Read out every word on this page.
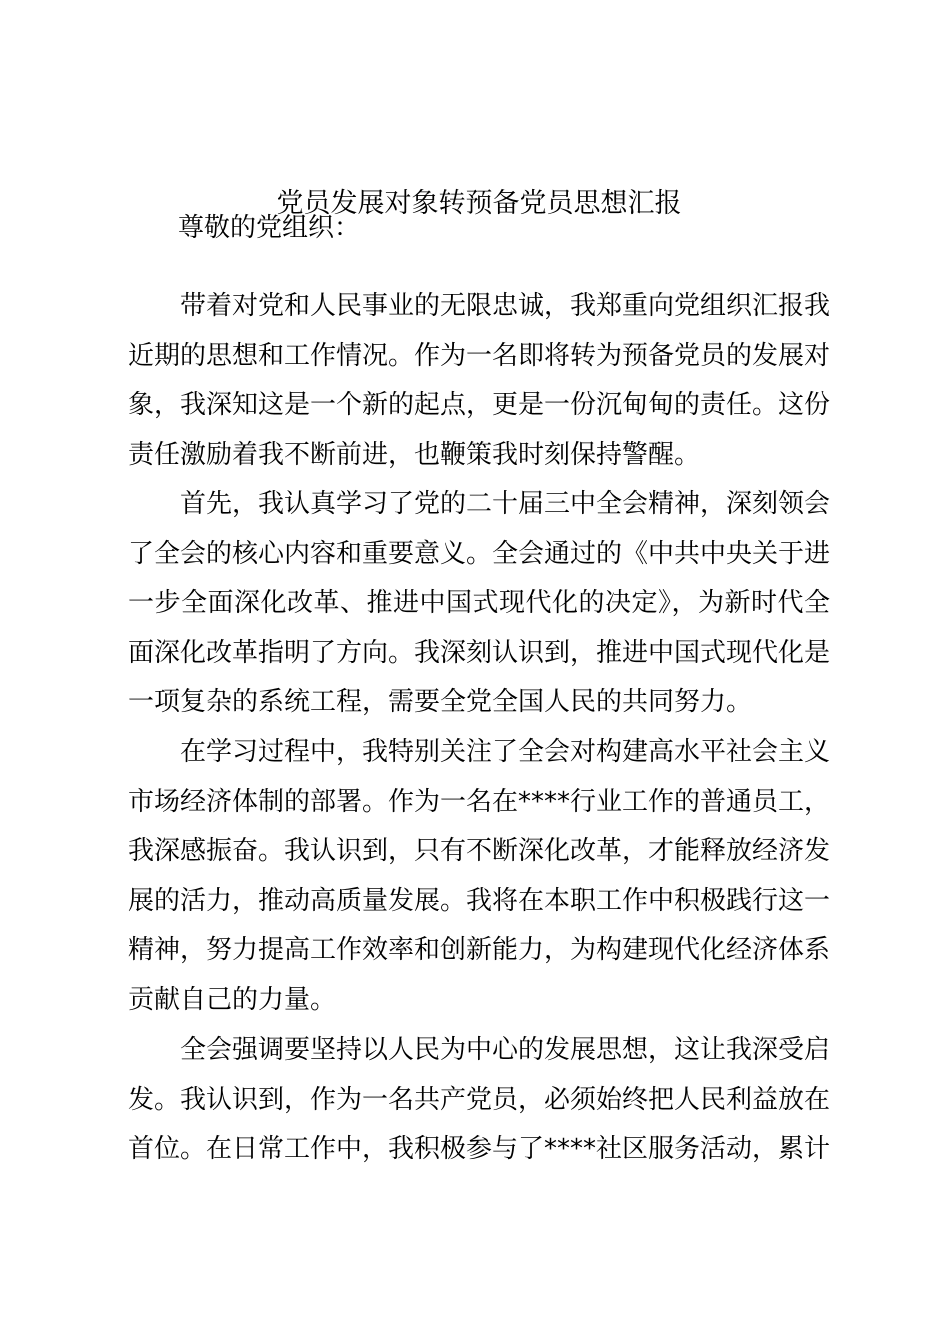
党员发展对象转预备党员思想汇报

尊敬的党组织：

带着对党和人民事业的无限忠诚，我郑重向党组织汇报我近期的思想和工作情况。作为一名即将转为预备党员的发展对象，我深知这是一个新的起点，更是一份沉甸甸的责任。这份责任激励着我不断前进，也鞭策我时刻保持警醒。

首先，我认真学习了党的二十届三中全会精神，深刻领会了全会的核心内容和重要意义。全会通过的《中共中央关于进一步全面深化改革、推进中国式现代化的决定》，为新时代全面深化改革指明了方向。我深刻认识到，推进中国式现代化是一项复杂的系统工程，需要全党全国人民的共同努力。

在学习过程中，我特别关注了全会对构建高水平社会主义市场经济体制的部署。作为一名在****行业工作的普通员工，我深感振奋。我认识到，只有不断深化改革，才能释放经济发展的活力，推动高质量发展。我将在本职工作中积极践行这一精神，努力提高工作效率和创新能力，为构建现代化经济体系贡献自己的力量。

全会强调要坚持以人民为中心的发展思想，这让我深受启发。我认识到，作为一名共产党员，必须始终把人民利益放在首位。在日常工作中，我积极参与了****社区服务活动，累计
